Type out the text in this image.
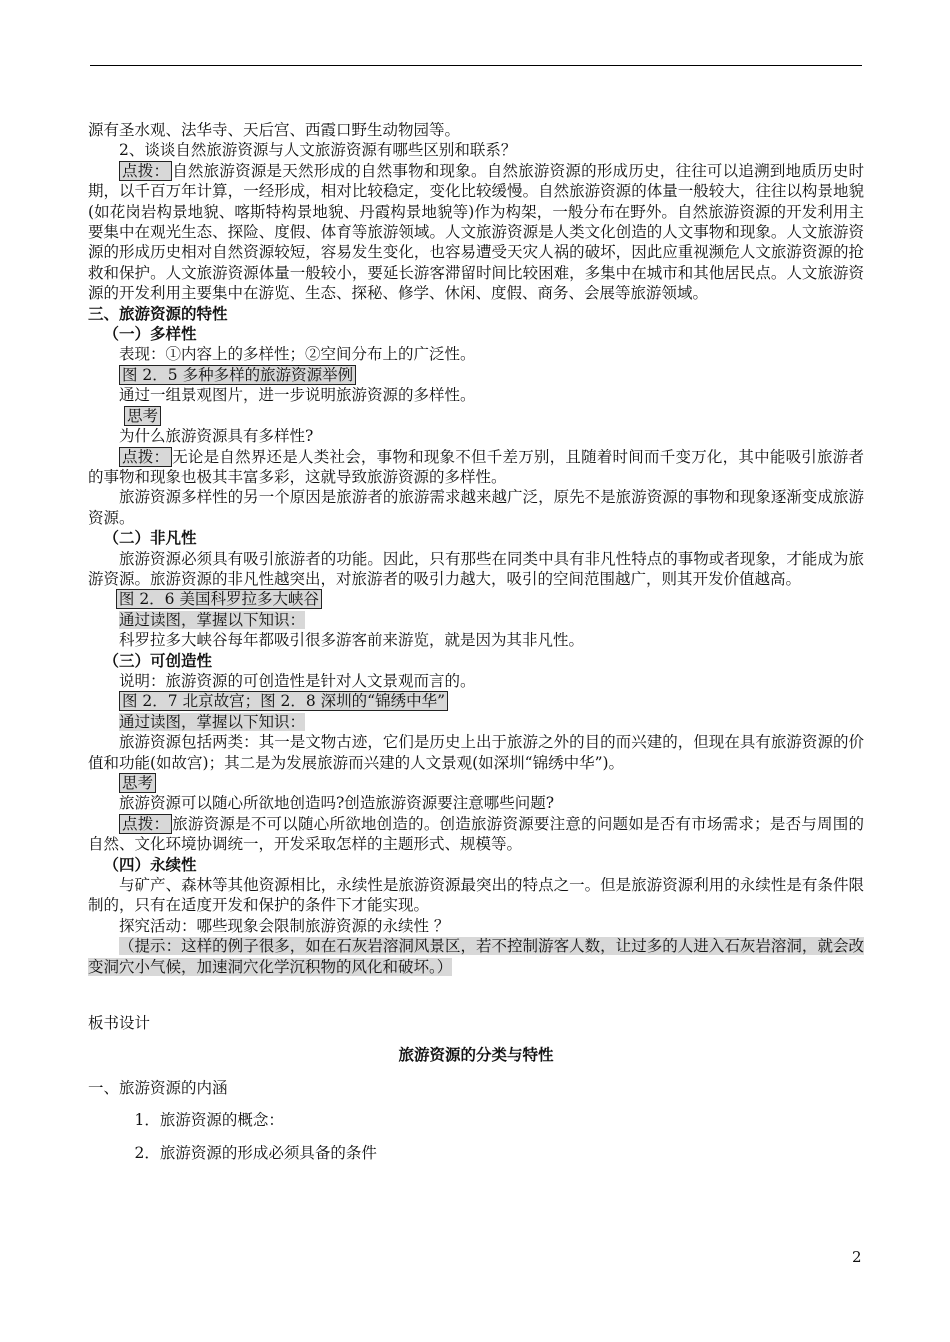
源有圣水观、法华寺、天后宫、西霞口野生动物园等。

2、谈谈自然旅游资源与人文旅游资源有哪些区别和联系？

点拨： 自然旅游资源是天然形成的自然事物和现象。自然旅游资源的形成历史，往往可以追溯到地质历史时期，以千百万年计算，一经形成，相对比较稳定，变化比较缓慢。自然旅游资源的体量一般较大，往往以构景地貌(如花岗岩构景地貌、喀斯特构景地貌、丹霞构景地貌等)作为构架，一般分布在野外。自然旅游资源的开发利用主要集中在观光生态、探险、度假、体育等旅游领域。人文旅游资源是人类文化创造的人文事物和现象。人文旅游资源的形成历史相对自然资源较短，容易发生变化，也容易遭受天灾人祸的破坏，因此应重视濒危人文旅游资源的抢救和保护。人文旅游资源体量一般较小，要延长游客滞留时间比较困难，多集中在城市和其他居民点。人文旅游资源的开发利用主要集中在游览、生态、探秘、修学、休闲、度假、商务、会展等旅游领域。

三、旅游资源的特性

（一）多样性

表现：①内容上的多样性；②空间分布上的广泛性。

图 2．5 多种多样的旅游资源举例

通过一组景观图片，进一步说明旅游资源的多样性。

思考

为什么旅游资源具有多样性?

点拨： 无论是自然界还是人类社会，事物和现象不但千差万别，且随着时间而千变万化，其中能吸引旅游者的事物和现象也极其丰富多彩，这就导致旅游资源的多样性。

旅游资源多样性的另一个原因是旅游者的旅游需求越来越广泛，原先不是旅游资源的事物和现象逐渐变成旅游资源。

（二）非凡性

旅游资源必须具有吸引旅游者的功能。因此，只有那些在同类中具有非凡性特点的事物或者现象，才能成为旅游资源。旅游资源的非凡性越突出，对旅游者的吸引力越大，吸引的空间范围越广，则其开发价值越高。

图 2．6 美国科罗拉多大峡谷

通过读图，掌握以下知识：

科罗拉多大峡谷每年都吸引很多游客前来游览，就是因为其非凡性。

（三）可创造性

说明：旅游资源的可创造性是针对人文景观而言的。

图 2．7 北京故宫；图 2．8 深圳的“锦绣中华”

通过读图，掌握以下知识：

旅游资源包括两类：其一是文物古迹，它们是历史上出于旅游之外的目的而兴建的，但现在具有旅游资源的价值和功能(如故宫)；其二是为发展旅游而兴建的人文景观(如深圳“锦绣中华”)。

思考

旅游资源可以随心所欲地创造吗?创造旅游资源要注意哪些问题?

点拨： 旅游资源是不可以随心所欲地创造的。创造旅游资源要注意的问题如是否有市场需求；是否与周围的自然、文化环境协调统一，开发采取怎样的主题形式、规模等。

（四）永续性

与矿产、森林等其他资源相比，永续性是旅游资源最突出的特点之一。但是旅游资源利用的永续性是有条件限制的，只有在适度开发和保护的条件下才能实现。

探究活动：哪些现象会限制旅游资源的永续性 ？

（提示：这样的例子很多，如在石灰岩溶洞风景区，若不控制游客人数，让过多的人进入石灰岩溶洞，就会改变洞穴小气候，加速洞穴化学沉积物的风化和破坏。）

板书设计

旅游资源的分类与特性

一、旅游资源的内涵

1．旅游资源的概念：

2．旅游资源的形成必须具备的条件

2
